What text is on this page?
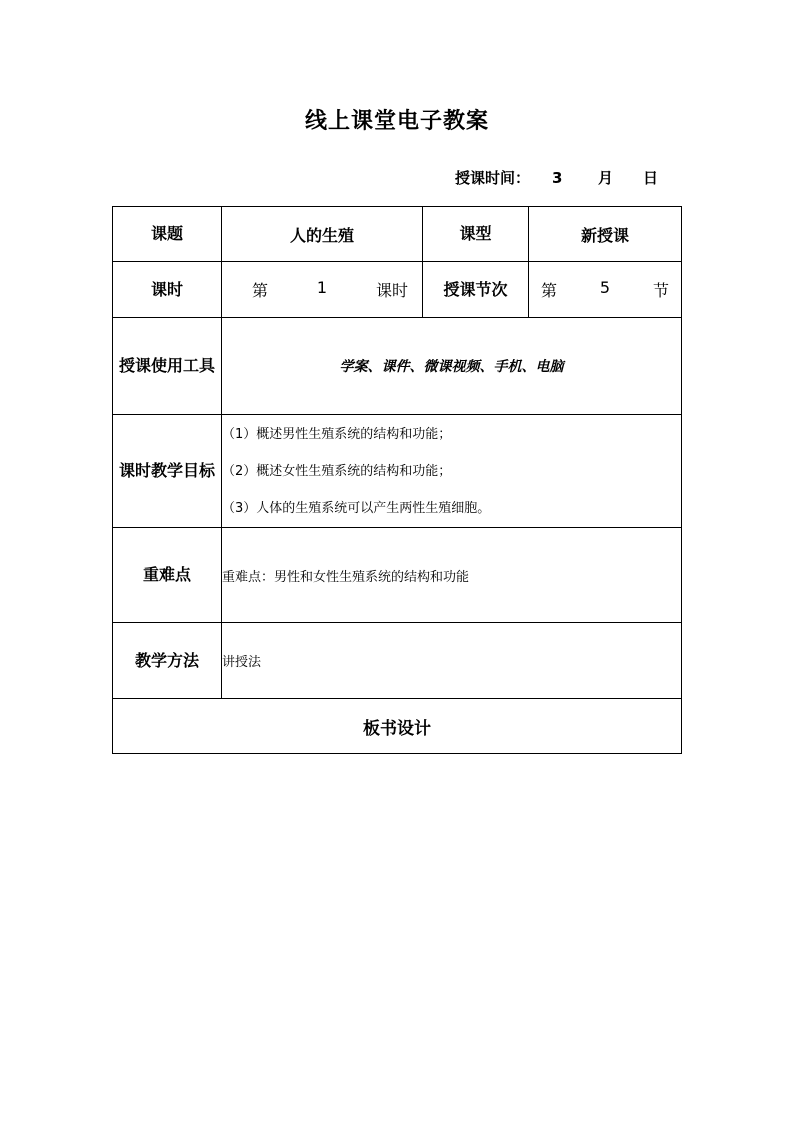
线上课堂电子教案
授课时间： 3 月 日
课题	人的生殖	课型	新授课
课时	第 1 课时	授课节次	第 5 节

授课使用工具	学案、课件、微课视频、手机、电脑		
课时教学目标	（1）概述男性生殖系统的结构和功能；
（2）概述女性生殖系统的结构和功能；
（3）人体的生殖系统可以产生两性生殖细胞。		

重难点	重难点：男性和女性生殖系统的结构和功能		
教学方法	讲授法		
板书设计			
